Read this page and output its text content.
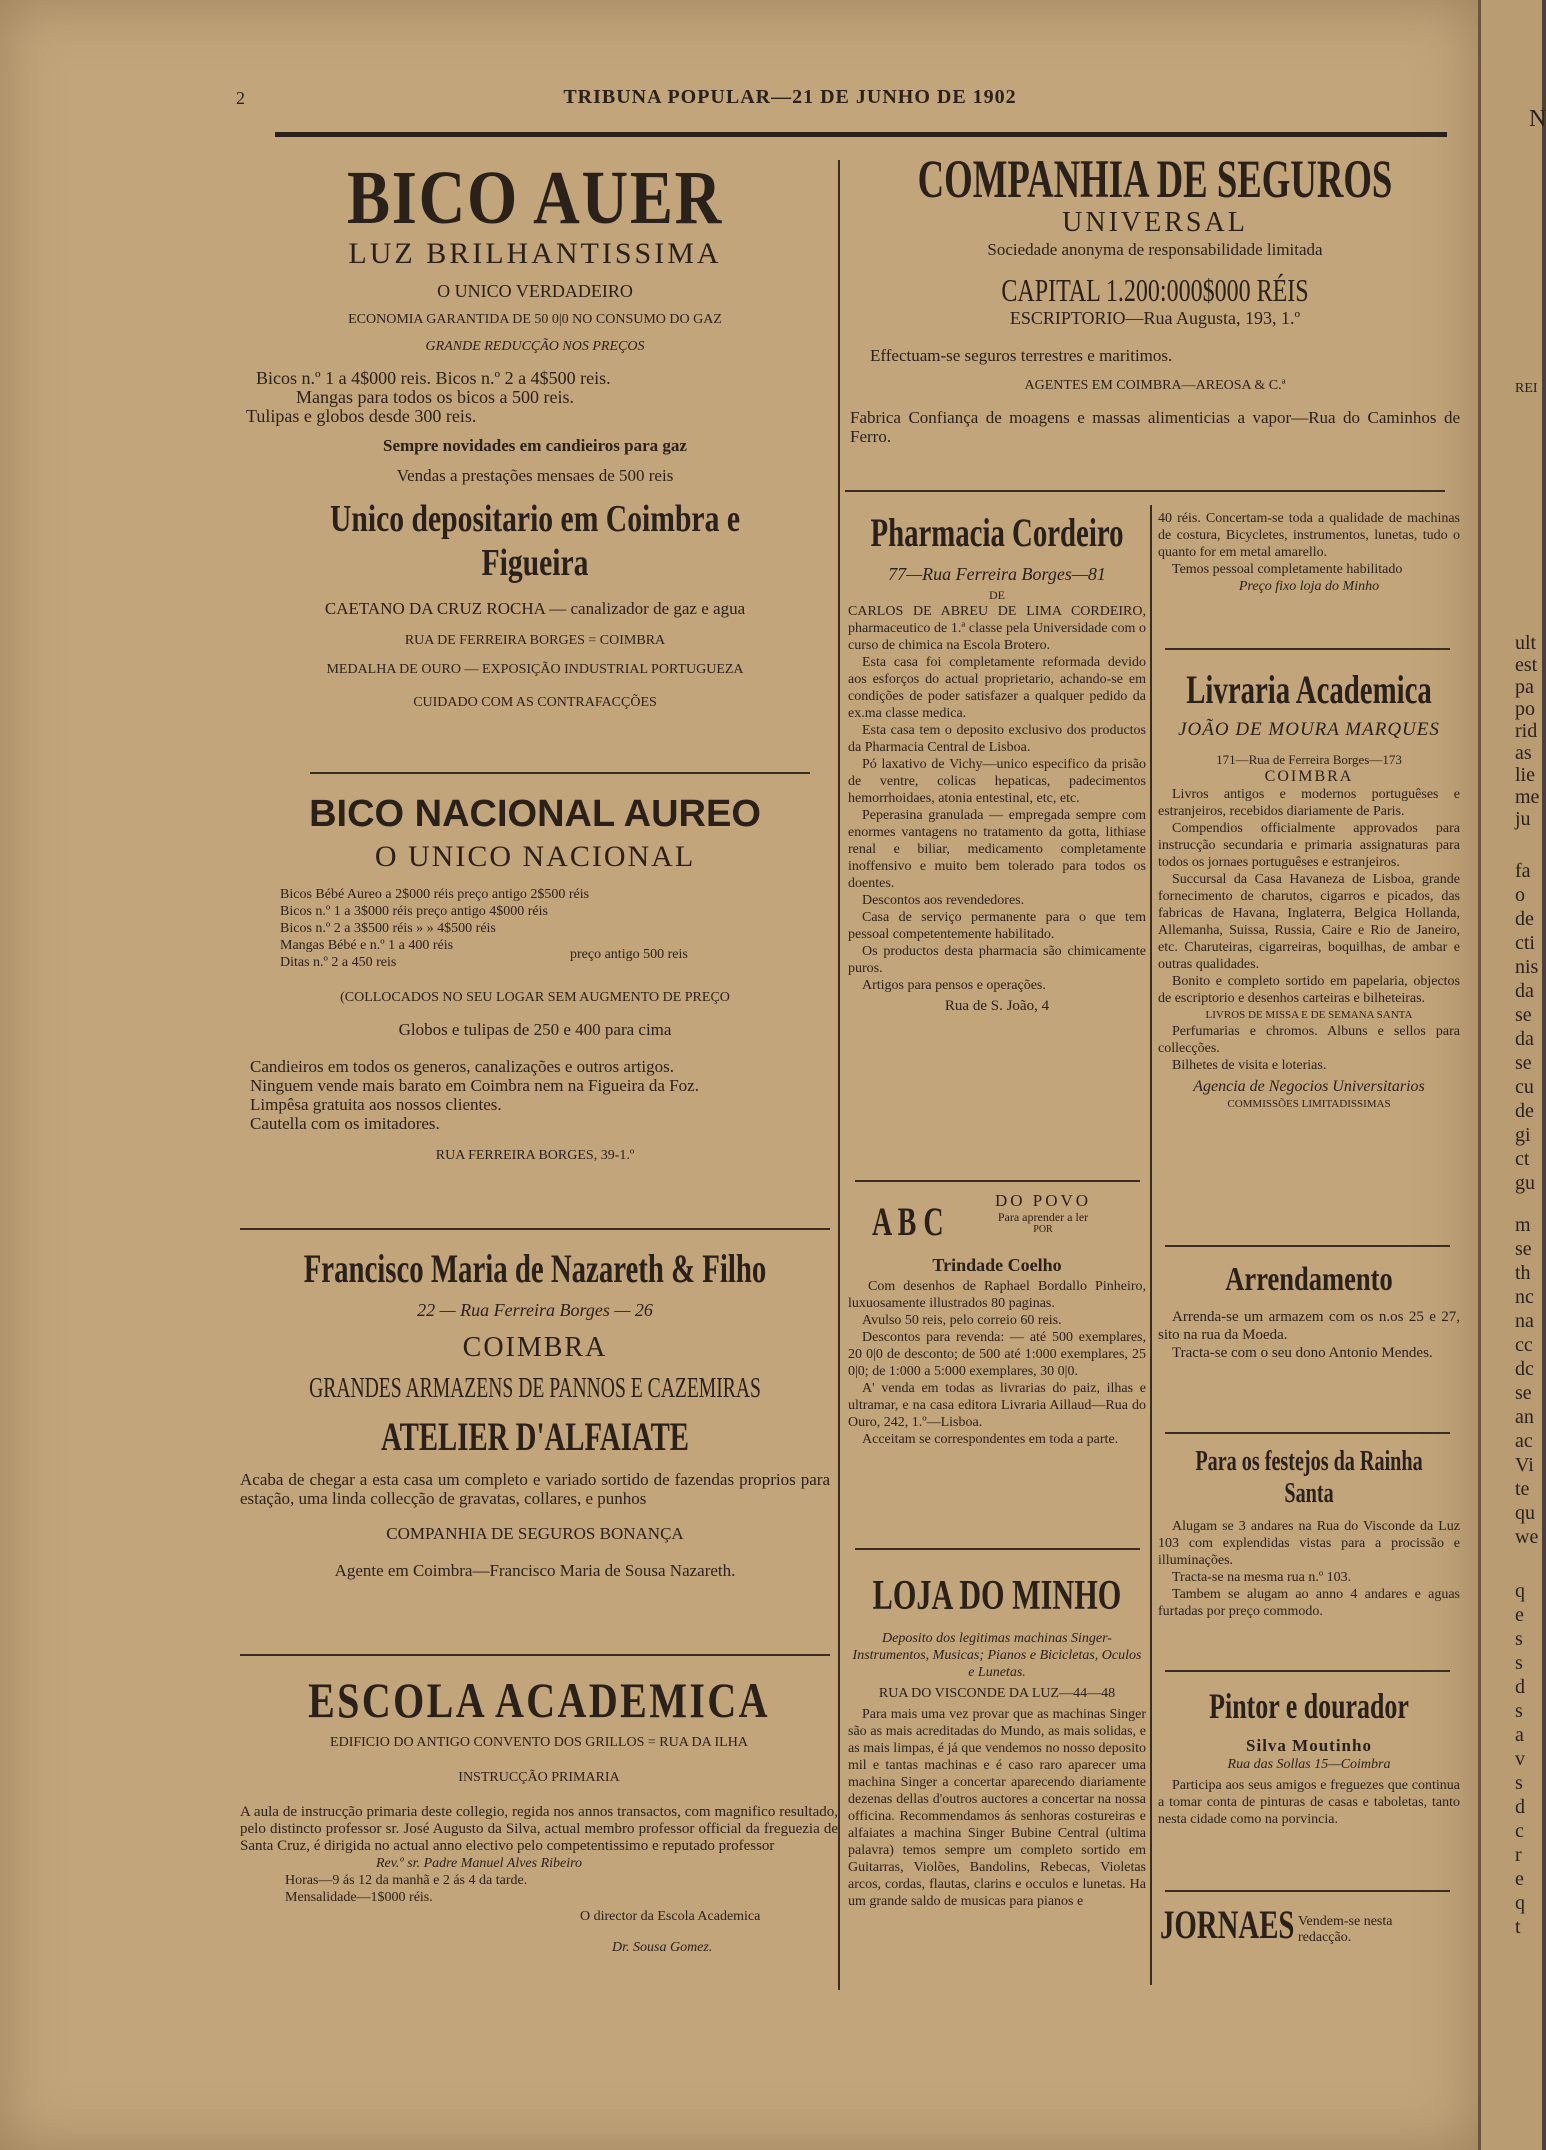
2	TRIBUNA POPULAR—21 DE JUNHO DE 1902
BICO AUER
LUZ BRILHANTISSIMA
O UNICO VERDADEIRO
ECONOMIA GARANTIDA DE 50 0|0 NO CONSUMO DO GAZ
GRANDE REDUCÇÃO NOS PREÇOS
Bicos n.º 1 a 4$000 reis. Bicos n.º 2 a 4$500 reis.
Mangas para todos os bicos a 500 reis.
Tulipas e globos desde 300 reis.
Sempre novidades em candieiros para gaz
Vendas a prestações mensaes de 500 reis
Unico depositario em Coimbra e Figueira
CAETANO DA CRUZ ROCHA — canalizador de gaz e agua
RUA DE FERREIRA BORGES = COIMBRA
MEDALHA DE OURO — EXPOSIÇÃO INDUSTRIAL PORTUGUEZA
CUIDADO COM AS CONTRAFACÇÕES
BICO NACIONAL AUREO
O UNICO NACIONAL
Bicos Bébé Aureo a 2$000 réis preço antigo 2$500 réis
Bicos n.º 1 a 3$000 réis preço antigo 4$000 réis
Bicos n.º 2 a 3$500 réis » » 4$500 réis
Mangas Bébé e n.º 1 a 400 réis
Ditas n.º 2 a 450 reis
preço antigo 500 reis
(COLLOCADOS NO SEU LOGAR SEM AUGMENTO DE PREÇO
Globos e tulipas de 250 e 400 para cima
Candieiros em todos os generos, canalizações e outros artigos.
Ninguem vende mais barato em Coimbra nem na Figueira da Foz.
Limpêsa gratuita aos nossos clientes.
Cautella com os imitadores.
RUA FERREIRA BORGES, 39-1.º
Francisco Maria de Nazareth & Filho
22 — Rua Ferreira Borges — 26
COIMBRA
GRANDES ARMAZENS DE PANNOS E CAZEMIRAS
ATELIER D'ALFAIATE
Acaba de chegar a esta casa um completo e variado sortido de fazendas proprios para estação, uma linda collecção de gravatas, collares, e punhos
COMPANHIA DE SEGUROS BONANÇA
Agente em Coimbra—Francisco Maria de Sousa Nazareth.
ESCOLA ACADEMICA
EDIFICIO DO ANTIGO CONVENTO DOS GRILLOS = RUA DA ILHA
INSTRUCÇÃO PRIMARIA
A aula de instrucção primaria deste collegio, regida nos annos transactos, com magnifico resultado, pelo distincto professor sr. José Augusto da Silva, actual membro professor official da freguezia de Santa Cruz, é dirigida no actual anno electivo pelo competentissimo e reputado professor
Rev.º sr. Padre Manuel Alves Ribeiro
Horas—9 ás 12 da manhã e 2 ás 4 da tarde.
Mensalidade—1$000 réis.
O director da Escola Academica
Dr. Sousa Gomez.
COMPANHIA DE SEGUROS
UNIVERSAL
Sociedade anonyma de responsabilidade limitada
CAPITAL 1.200:000$000 RÉIS
ESCRIPTORIO—Rua Augusta, 193, 1.º
Effectuam-se seguros terrestres e maritimos.
AGENTES EM COIMBRA—AREOSA & C.ª
Fabrica Confiança de moagens e massas alimenticias a vapor—Rua do Caminhos de Ferro.
Pharmacia Cordeiro
77—Rua Ferreira Borges—81
DE
CARLOS DE ABREU DE LIMA CORDEIRO, pharmaceutico de 1.ª classe pela Universidade com o curso de chimica na Escola Brotero.
Esta casa foi completamente reformada devido aos esforços do actual proprietario, achando-se em condições de poder satisfazer a qualquer pedido da ex.ma classe medica.
Esta casa tem o deposito exclusivo dos productos da Pharmacia Central de Lisboa.
Pó laxativo de Vichy—unico especifico da prisão de ventre, colicas hepaticas, padecimentos hemorrhoidaes, atonia entestinal, etc, etc.
Peperasina granulada — empregada sempre com enormes vantagens no tratamento da gotta, lithiase renal e biliar, medicamento completamente inoffensivo e muito bem tolerado para todos os doentes.
Descontos aos revendedores.
Casa de serviço permanente para o que tem pessoal competentemente habilitado.
Os productos desta pharmacia são chimicamente puros.
Artigos para pensos e operações.
Rua de S. João, 4
A B C	DO POVO
Para aprender a ler
POR
Trindade Coelho
Com desenhos de Raphael Bordallo Pinheiro, luxuosamente illustrados 80 paginas.
Avulso 50 reis, pelo correio 60 reis.
Descontos para revenda: — até 500 exemplares, 20 0|0 de desconto; de 500 até 1:000 exemplares, 25 0|0; de 1:000 a 5:000 exemplares, 30 0|0.
A' venda em todas as livrarias do paiz, ilhas e ultramar, e na casa editora Livraria Aillaud—Rua do Ouro, 242, 1.º—Lisboa.
Acceitam se correspondentes em toda a parte.
LOJA DO MINHO
Deposito dos legitimas machinas Singer-Instrumentos, Musicas; Pianos e Bicicletas, Oculos e Lunetas.
RUA DO VISCONDE DA LUZ—44—48
Para mais uma vez provar que as machinas Singer são as mais acreditadas do Mundo, as mais solidas, e as mais limpas, é já que vendemos no nosso deposito mil e tantas machinas e é caso raro aparecer uma machina Singer a concertar aparecendo diariamente dezenas dellas d'outros auctores a concertar na nossa officina. Recommendamos ás senhoras costureiras e alfaiates a machina Singer Bubine Central (ultima palavra) temos sempre um completo sortido em Guitarras, Violões, Bandolins, Rebecas, Violetas arcos, cordas, flautas, clarins e occulos e lunetas. Ha um grande saldo de musicas para pianos e
40 réis. Concertam-se toda a qualidade de machinas de costura, Bicycletes, instrumentos, lunetas, tudo o quanto for em metal amarello.
Temos pessoal completamente habilitado
Preço fixo loja do Minho
Livraria Academica
JOÃO DE MOURA MARQUES
171—Rua de Ferreira Borges—173
COIMBRA
Livros antigos e modernos portuguêses e estranjeiros, recebidos diariamente de Paris.
Compendios officialmente approvados para instrucção secundaria e primaria assignaturas para todos os jornaes portuguêses e estranjeiros.
Succursal da Casa Havaneza de Lisboa, grande fornecimento de charutos, cigarros e picados, das fabricas de Havana, Inglaterra, Belgica Hollanda, Allemanha, Suissa, Russia, Caire e Rio de Janeiro, etc. Charuteiras, cigarreiras, boquilhas, de ambar e outras qualidades.
Bonito e completo sortido em papelaria, objectos de escriptorio e desenhos carteiras e bilheteiras.
LIVROS DE MISSA E DE SEMANA SANTA
Perfumarias e chromos. Albuns e sellos para collecções.
Bilhetes de visita e loterias.
Agencia de Negocios Universitarios
COMMISSÕES LIMITADISSIMAS
Arrendamento
Arrenda-se um armazem com os n.os 25 e 27, sito na rua da Moeda.
Tracta-se com o seu dono Antonio Mendes.
Para os festejos da Rainha Santa
Alugam se 3 andares na Rua do Visconde da Luz 103 com explendidas vistas para a procissão e illuminações.
Tracta-se na mesma rua n.º 103.
Tambem se alugam ao anno 4 andares e aguas furtadas por preço commodo.
Pintor e dourador
Silva Moutinho
Rua das Sollas 15—Coimbra
Participa aos seus amigos e freguezes que continua a tomar conta de pinturas de casas e taboletas, tanto nesta cidade como na porvincia.
JORNAES Vendem-se nesta redacção.
N
REI
ult
est
pa
po
rid
as
lie
me
ju
fa
o
de
cti
nis
da
se
da
se
cu
de
gi
ct
gu
m
se
th
nc
na
cc
dc
se
an
ac
Vi
te
qu
we
q
e
s
s
d
s
a
v
s
d
c
r
e
q
t
